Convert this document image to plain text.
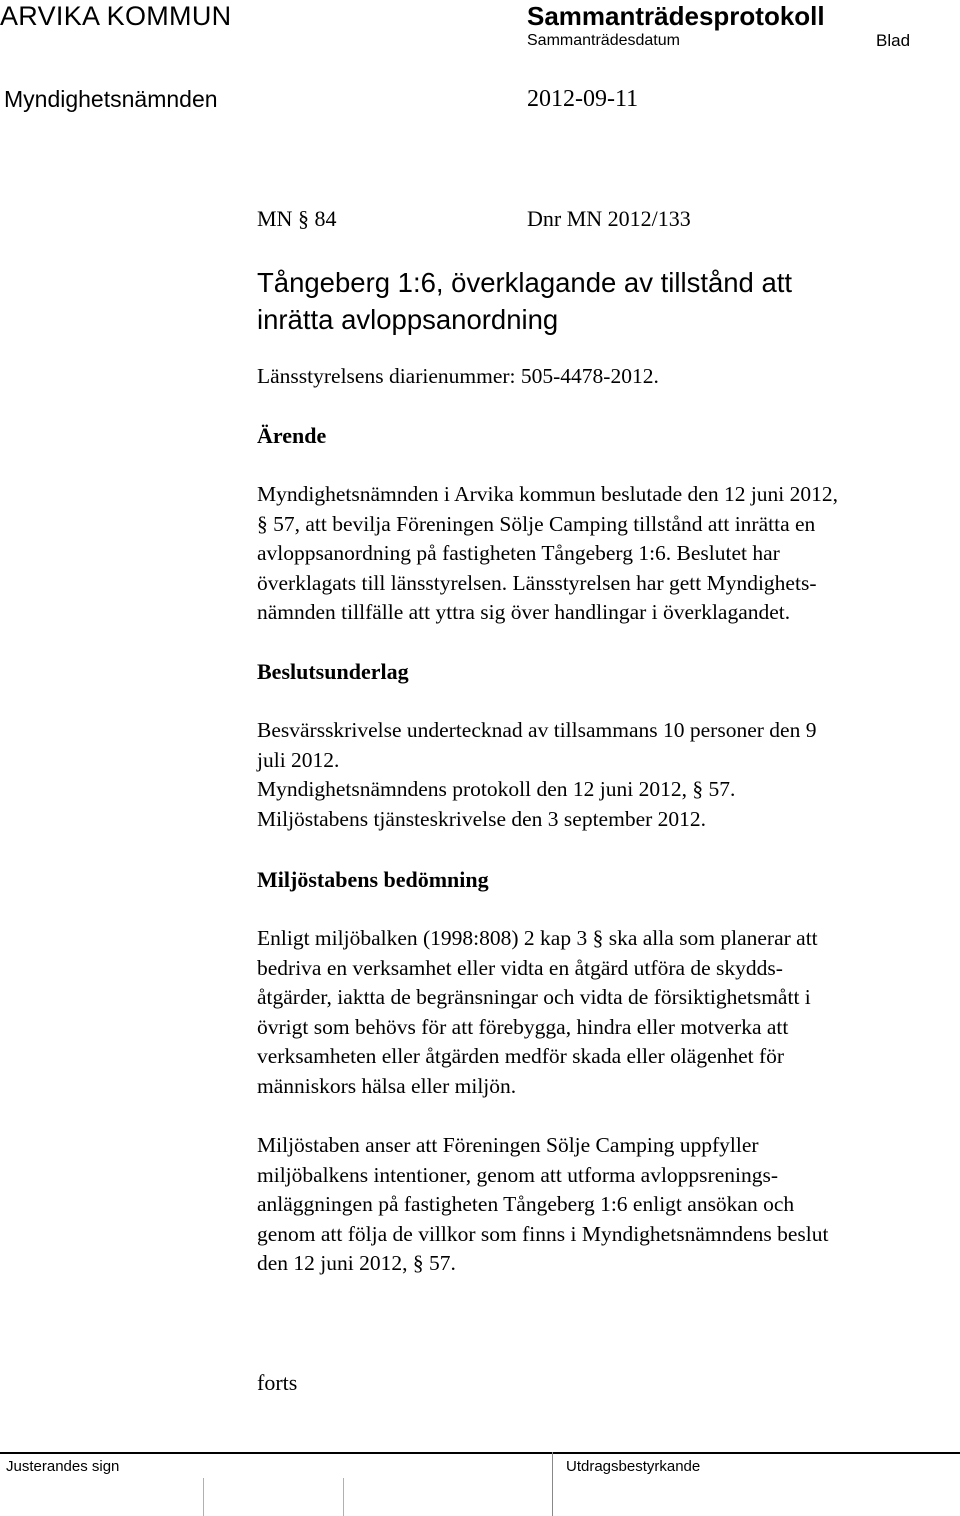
ARVIKA KOMMUN	Sammanträdesprotokoll
Sammanträdesdatum	Blad
Myndighetsnämnden	2012-09-11
MN § 84	Dnr MN 2012/133
Tångeberg 1:6, överklagande av tillstånd att
inrätta avloppsanordning
Länsstyrelsens diarienummer: 505-4478-2012.
Ärende
Myndighetsnämnden i Arvika kommun beslutade den 12 juni 2012,
§ 57, att bevilja Föreningen Sölje Camping tillstånd att inrätta en
avloppsanordning på fastigheten Tångeberg 1:6. Beslutet har
överklagats till länsstyrelsen. Länsstyrelsen har gett Myndighets-
nämnden tillfälle att yttra sig över handlingar i överklagandet.
Beslutsunderlag
Besvärsskrivelse undertecknad av tillsammans 10 personer den 9
juli 2012.
Myndighetsnämndens protokoll den 12 juni 2012, § 57.
Miljöstabens tjänsteskrivelse den 3 september 2012.
Miljöstabens bedömning
Enligt miljöbalken (1998:808) 2 kap 3 § ska alla som planerar att
bedriva en verksamhet eller vidta en åtgärd utföra de skydds-
åtgärder, iaktta de begränsningar och vidta de försiktighetsmått i
övrigt som behövs för att förebygga, hindra eller motverka att
verksamheten eller åtgärden medför skada eller olägenhet för
människors hälsa eller miljön.
Miljöstaben anser att Föreningen Sölje Camping uppfyller
miljöbalkens intentioner, genom att utforma avloppsrenings-
anläggningen på fastigheten Tångeberg 1:6 enligt ansökan och
genom att följa de villkor som finns i Myndighetsnämndens beslut
den 12 juni 2012, § 57.
forts
Justerandes sign	Utdragsbestyrkande
